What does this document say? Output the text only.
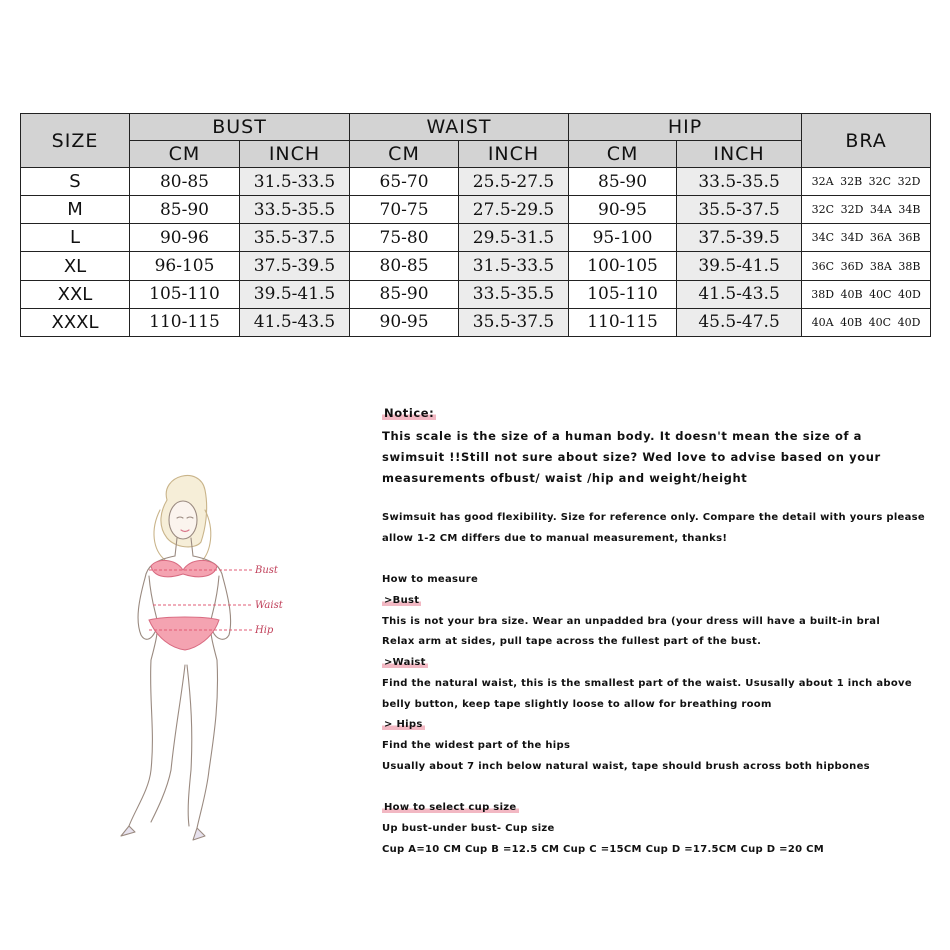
SIZE	BUST		WAIST		HIP		BRA
	CM	INCH	CM	INCH	CM	INCH	
S	80-85	31.5-33.5	65-70	25.5-27.5	85-90	33.5-35.5	32A 32B 32C 32D
M	85-90	33.5-35.5	70-75	27.5-29.5	90-95	35.5-37.5	32C 32D 34A 34B
L	90-96	35.5-37.5	75-80	29.5-31.5	95-100	37.5-39.5	34C 34D 36A 36B
XL	96-105	37.5-39.5	80-85	31.5-33.5	100-105	39.5-41.5	36C 36D 38A 38B
XXL	105-110	39.5-41.5	85-90	33.5-35.5	105-110	41.5-43.5	38D 40B 40C 40D
XXXL	110-115	41.5-43.5	90-95	35.5-37.5	110-115	45.5-47.5	40A 40B 40C 40D
Bust
Waist
Hip
Notice:
This scale is the size of a human body. It doesn't mean the size of a
swimsuit !!Still not sure about size? Wed love to advise based on your
measurements ofbust/ waist /hip and weight/height
Swimsuit has good flexibility. Size for reference only. Compare the detail with yours please
allow 1-2 CM differs due to manual measurement, thanks!
How to measure
>Bust
This is not your bra size. Wear an unpadded bra (your dress will have a built-in bral
Relax arm at sides, pull tape across the fullest part of the bust.
>Waist
Find the natural waist, this is the smallest part of the waist. Ususally about 1 inch above
belly button, keep tape slightly loose to allow for breathing room
> Hips
Find the widest part of the hips
Usually about 7 inch below natural waist, tape should brush across both hipbones
How to select cup size
Up bust-under bust- Cup size
Cup A=10 CM Cup B =12.5 CM Cup C =15CM Cup D =17.5CM Cup D =20 CM
